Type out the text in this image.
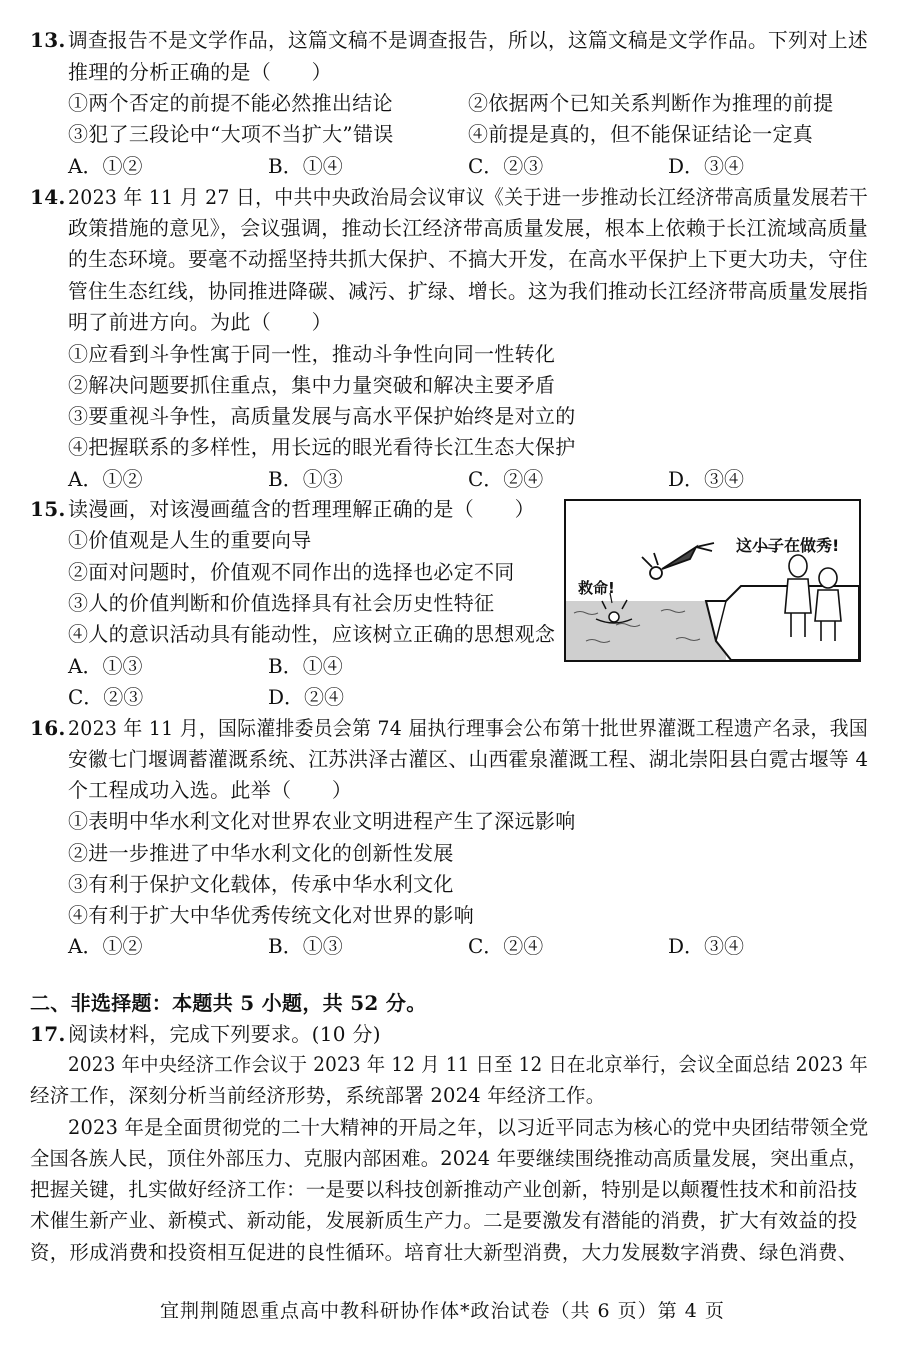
13. 调查报告不是文学作品，这篇文稿不是调查报告，所以，这篇文稿是文学作品。下列对上述
推理的分析正确的是（　　）
①两个否定的前提不能必然推出结论	②依据两个已知关系判断作为推理的前提
③犯了三段论中“大项不当扩大”错误	④前提是真的，但不能保证结论一定真
A．①②	B．①④	C．②③	D．③④
14. 2023 年 11 月 27 日，中共中央政治局会议审议《关于进一步推动长江经济带高质量发展若干
政策措施的意见》，会议强调，推动长江经济带高质量发展，根本上依赖于长江流域高质量
的生态环境。要毫不动摇坚持共抓大保护、不搞大开发，在高水平保护上下更大功夫，守住
管住生态红线，协同推进降碳、减污、扩绿、增长。这为我们推动长江经济带高质量发展指
明了前进方向。为此（　　）
①应看到斗争性寓于同一性，推动斗争性向同一性转化
②解决问题要抓住重点，集中力量突破和解决主要矛盾
③要重视斗争性，高质量发展与高水平保护始终是对立的
④把握联系的多样性，用长远的眼光看待长江生态大保护
A．①②	B．①③	C．②④	D．③④
15. 读漫画，对该漫画蕴含的哲理理解正确的是（　　）
①价值观是人生的重要向导
②面对问题时，价值观不同作出的选择也必定不同
③人的价值判断和价值选择具有社会历史性特征
④人的意识活动具有能动性，应该树立正确的思想观念
A．①③	B．①④
C．②③	D．②④
救命!
这小子在做秀!
16. 2023 年 11 月，国际灌排委员会第 74 届执行理事会公布第十批世界灌溉工程遗产名录，我国
安徽七门堰调蓄灌溉系统、江苏洪泽古灌区、山西霍泉灌溉工程、湖北崇阳县白霓古堰等 4
个工程成功入选。此举（　　）
①表明中华水利文化对世界农业文明进程产生了深远影响
②进一步推进了中华水利文化的创新性发展
③有利于保护文化载体，传承中华水利文化
④有利于扩大中华优秀传统文化对世界的影响
A．①②	B．①③	C．②④	D．③④
二、非选择题：本题共 5 小题，共 52 分。
17. 阅读材料，完成下列要求。(10 分)
2023 年中央经济工作会议于 2023 年 12 月 11 日至 12 日在北京举行，会议全面总结 2023 年
经济工作，深刻分析当前经济形势，系统部署 2024 年经济工作。
2023 年是全面贯彻党的二十大精神的开局之年，以习近平同志为核心的党中央团结带领全党
全国各族人民，顶住外部压力、克服内部困难。2024 年要继续围绕推动高质量发展，突出重点，
把握关键，扎实做好经济工作：一是要以科技创新推动产业创新，特别是以颠覆性技术和前沿技
术催生新产业、新模式、新动能，发展新质生产力。二是要激发有潜能的消费，扩大有效益的投
资，形成消费和投资相互促进的良性循环。培育壮大新型消费，大力发展数字消费、绿色消费、
宜荆荆随恩重点高中教科研协作体*政治试卷（共 6 页）第 4 页
